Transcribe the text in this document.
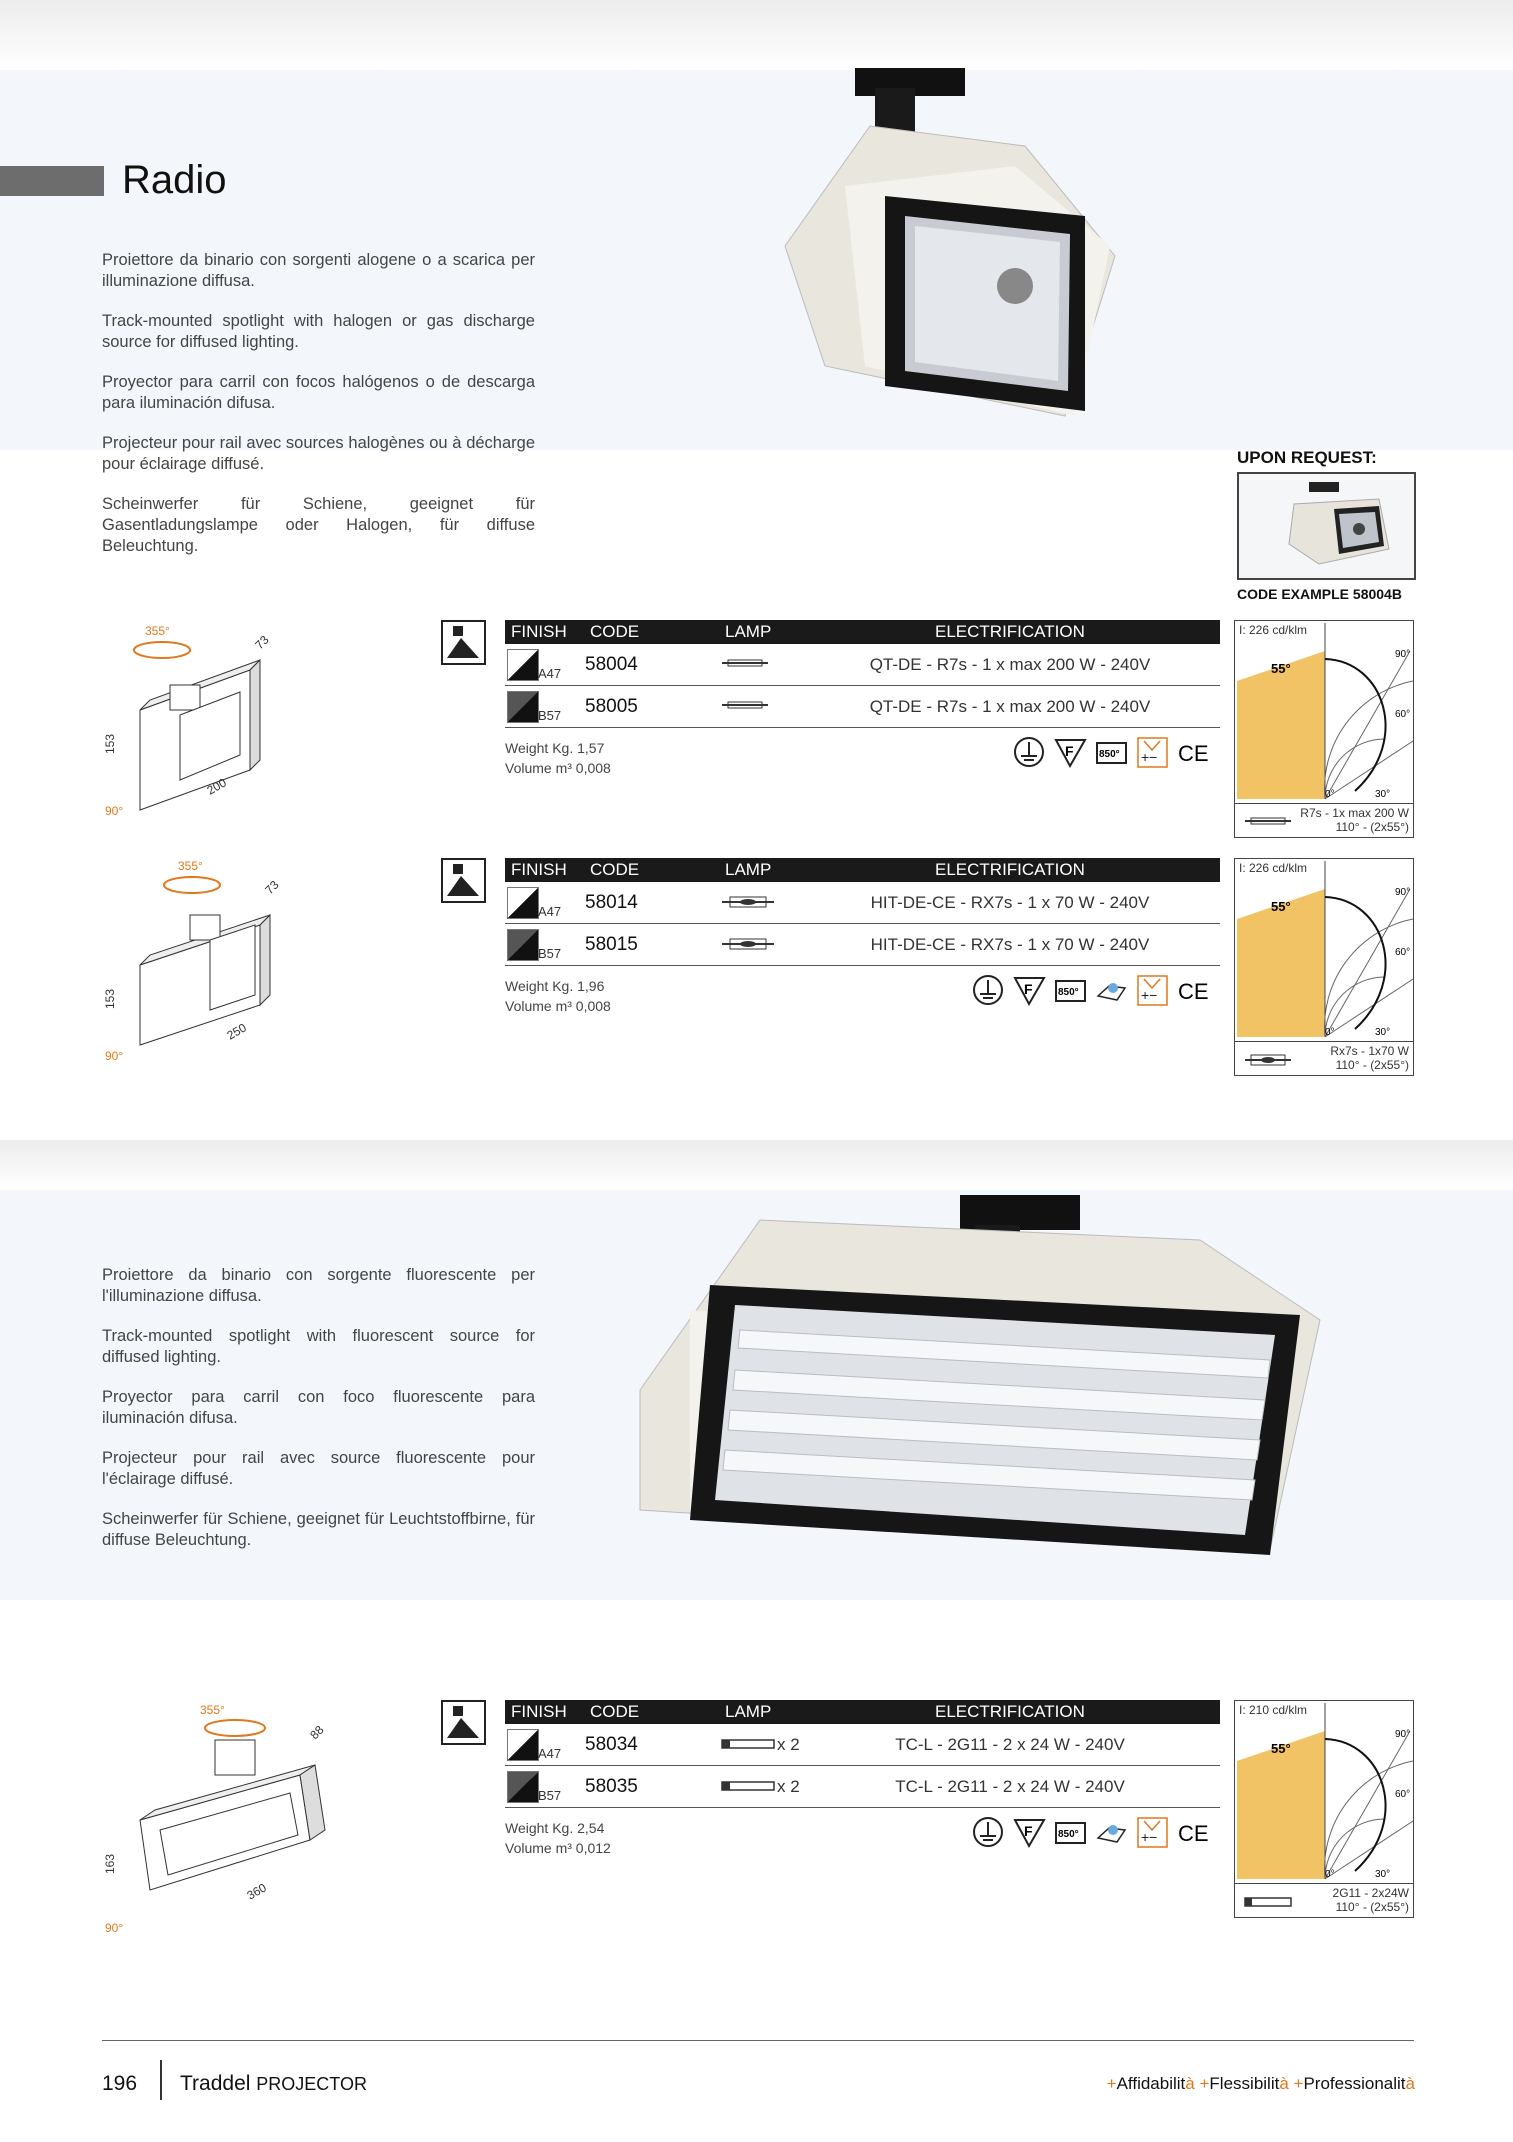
Radio

Proiettore da binario con sorgenti alogene o a scarica per illuminazione diffusa.

Track-mounted spotlight with halogen or gas discharge source for diffused lighting.

Proyector para carril con focos halógenos o de descarga para iluminación difusa.

Projecteur pour rail avec sources halogènes ou à décharge pour éclairage diffusé.

Scheinwerfer für Schiene, geeignet für Gasentladungslampe oder Halogen, für diffuse Beleuchtung.

UPON REQUEST:
CODE EXAMPLE 58004B
355°
153
200
73
90°
FINISH CODE	LAMP	ELECTRIFICATION
A47 58004	QT-DE - R7s - 1 x max 200 W - 240V
B57 58005	QT-DE - R7s - 1 x max 200 W - 240V
Weight Kg. 1,57
Volume m³ 0,008
F	850° +− CE
55°
90°
60°
30°
0°
I: 226 cd/klm
R7s - 1x max 200 W
110° - (2x55°)
355°
153
250
73
90°
FINISH CODE	LAMP	ELECTRIFICATION
A47 58014	HIT-DE-CE - RX7s - 1 x 70 W - 240V
B57 58015	HIT-DE-CE - RX7s - 1 x 70 W - 240V
Weight Kg. 1,96
Volume m³ 0,008
F	850°	+− CE
55°
90°
60°
30°
0°
I: 226 cd/klm
Rx7s - 1x70 W
110° - (2x55°)

Proiettore da binario con sorgente fluorescente per l'illuminazione diffusa.

Track-mounted spotlight with fluorescent source for diffused lighting.

Proyector para carril con foco fluorescente para iluminación difusa.

Projecteur pour rail avec source fluorescente pour l'éclairage diffusé.

Scheinwerfer für Schiene, geeignet für Leuchtstoffbirne, für diffuse Beleuchtung.

355°
163
360
88
90°
FINISH CODE	LAMP	ELECTRIFICATION
A47 58034	x 2	TC-L - 2G11 - 2 x 24 W - 240V
B57 58035	x 2	TC-L - 2G11 - 2 x 24 W - 240V
Weight Kg. 2,54
Volume m³ 0,012
F	850°	+− CE
55°
90°
60°
30°
0°
I: 210 cd/klm
2G11 - 2x24W
110° - (2x55°)
196 Traddel PROJECTOR	+Affidabilità +Flessibilità +Professionalità
